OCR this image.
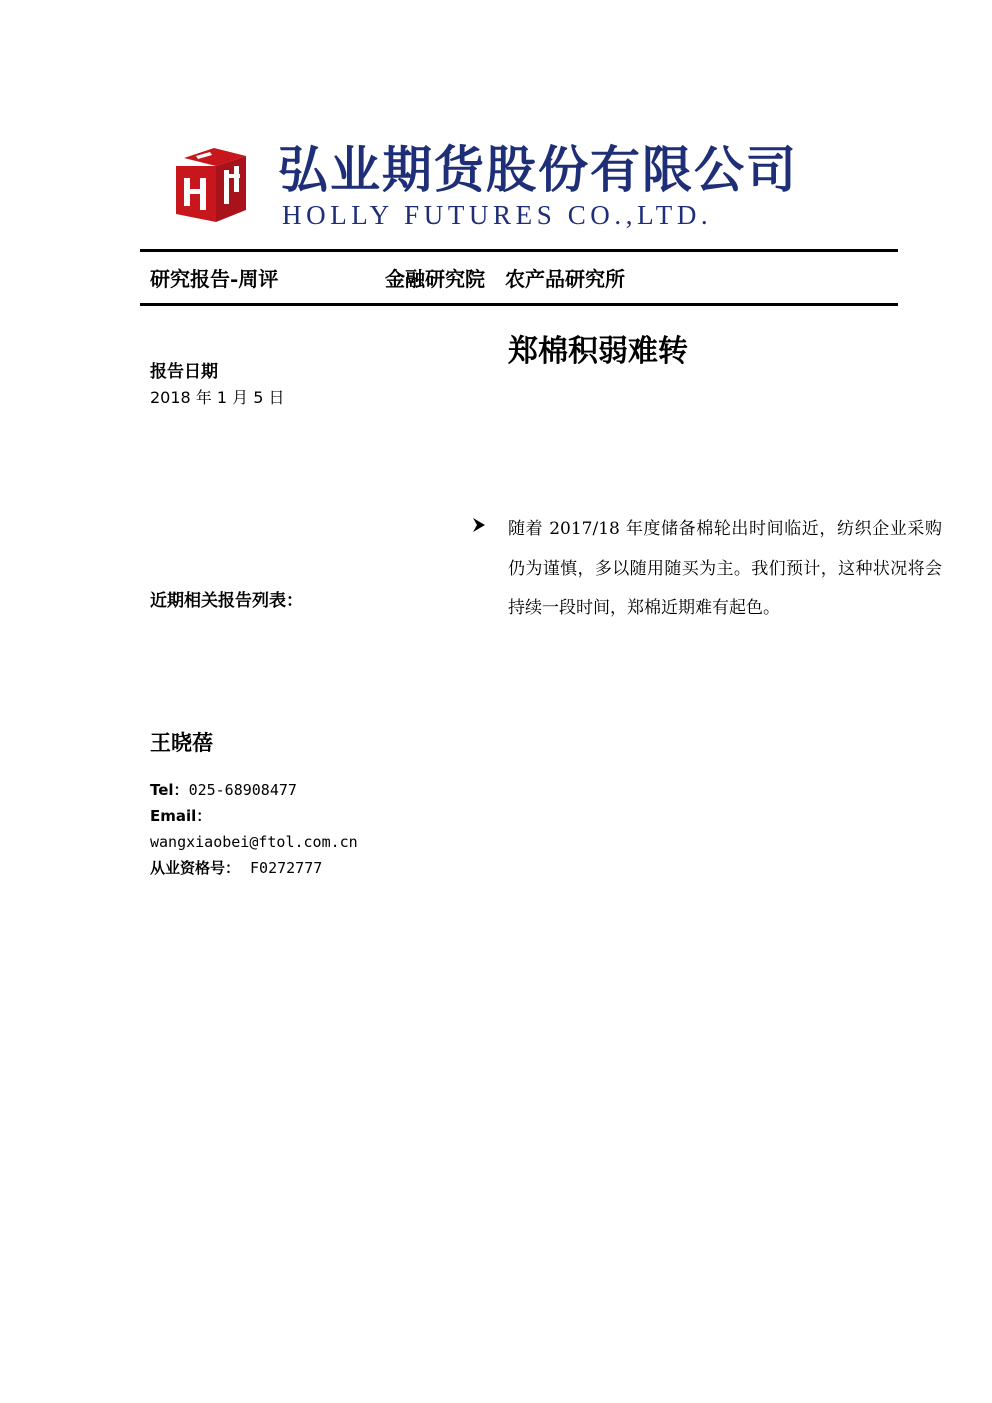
弘业期货股份有限公司
HOLLY FUTURES CO.,LTD.
研究报告-周评	金融研究院　农产品研究所
郑棉积弱难转
报告日期
2018 年 1 月 5 日
近期相关报告列表：

随着 2017/18 年度储备棉轮出时间临近，纺织企业采购仍为谨慎，多以随用随买为主。我们预计，这种状况将会持续一段时间，郑棉近期难有起色。

王晓蓓
Tel：025-68908477
Email：
wangxiaobei@ftol.com.cn
从业资格号： F0272777
